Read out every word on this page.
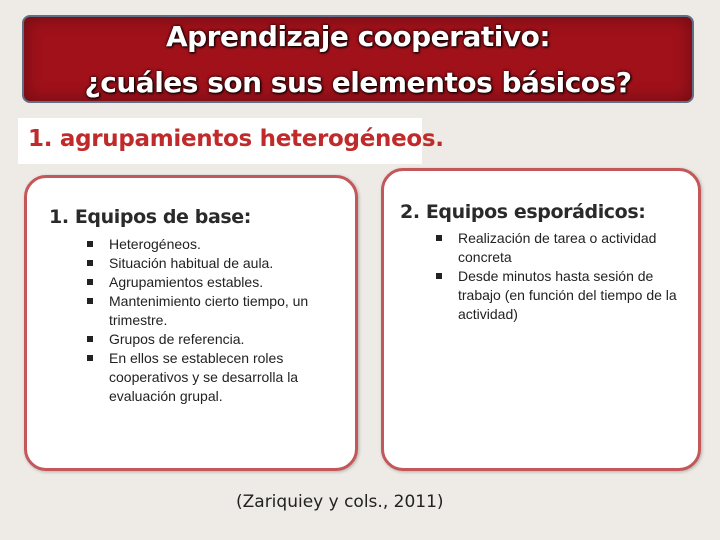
Aprendizaje cooperativo:
¿cuáles son sus elementos básicos?
1. agrupamientos heterogéneos.
1. Equipos de base:
Heterogéneos.
Situación habitual de aula.
Agrupamientos estables.
Mantenimiento cierto tiempo, un trimestre.
Grupos de referencia.
En ellos se establecen roles cooperativos y se desarrolla la evaluación grupal.
2. Equipos esporádicos:
Realización de tarea o actividad concreta
Desde minutos hasta sesión de trabajo (en función del tiempo de la actividad)
(Zariquiey y cols., 2011)
